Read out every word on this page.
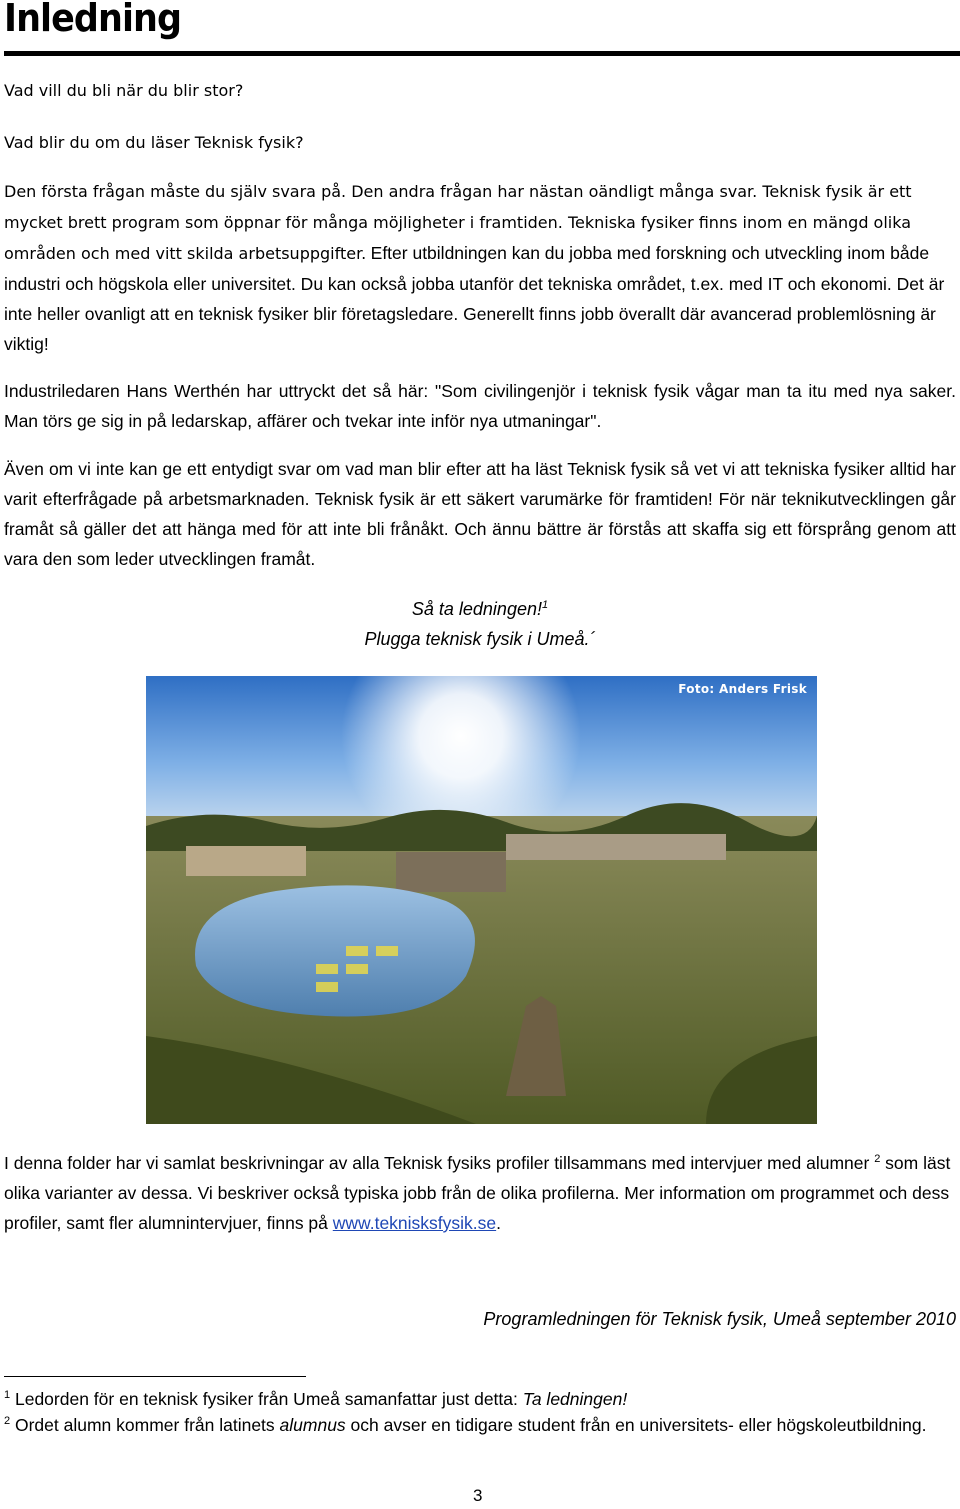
Inledning

Vad vill du bli när du blir stor?

Vad blir du om du läser Teknisk fysik?

Den första frågan måste du själv svara på. Den andra frågan har nästan oändligt många svar. Teknisk fysik är ett mycket brett program som öppnar för många möjligheter i framtiden. Tekniska fysiker finns inom en mängd olika områden och med vitt skilda arbetsuppgifter. Efter utbildningen kan du jobba med forskning och utveckling inom både industri och högskola eller universitet. Du kan också jobba utanför det tekniska området, t.ex. med IT och ekonomi. Det är inte heller ovanligt att en teknisk fysiker blir företagsledare. Generellt finns jobb överallt där avancerad problemlösning är viktig!

Industriledaren Hans Werthén har uttryckt det så här: "Som civilingenjör i teknisk fysik vågar man ta itu med nya saker. Man törs ge sig in på ledarskap, affärer och tvekar inte inför nya utmaningar".

Även om vi inte kan ge ett entydigt svar om vad man blir efter att ha läst Teknisk fysik så vet vi att tekniska fysiker alltid har varit efterfrågade på arbetsmarknaden. Teknisk fysik är ett säkert varumärke för framtiden! För när teknikutvecklingen går framåt så gäller det att hänga med för att inte bli frånåkt. Och ännu bättre är förstås att skaffa sig ett försprång genom att vara den som leder utvecklingen framåt.

Så ta ledningen!$^1$

Plugga teknisk fysik i Umeå.´

Foto: Anders Frisk

I denna folder har vi samlat beskrivningar av alla Teknisk fysiks profiler tillsammans med intervjuer med alumner $^2$ som läst olika varianter av dessa. Vi beskriver också typiska jobb från de olika profilerna. Mer information om programmet och dess profiler, samt fler alumnintervjuer, finns på www.teknisksfysik.se.

Programledningen för Teknisk fysik, Umeå september 2010

$^1$ Ledorden för en teknisk fysiker från Umeå samanfattar just detta: Ta ledningen!

$^2$ Ordet alumn kommer från latinets alumnus och avser en tidigare student från en universitets- eller högskoleutbildning.

3
